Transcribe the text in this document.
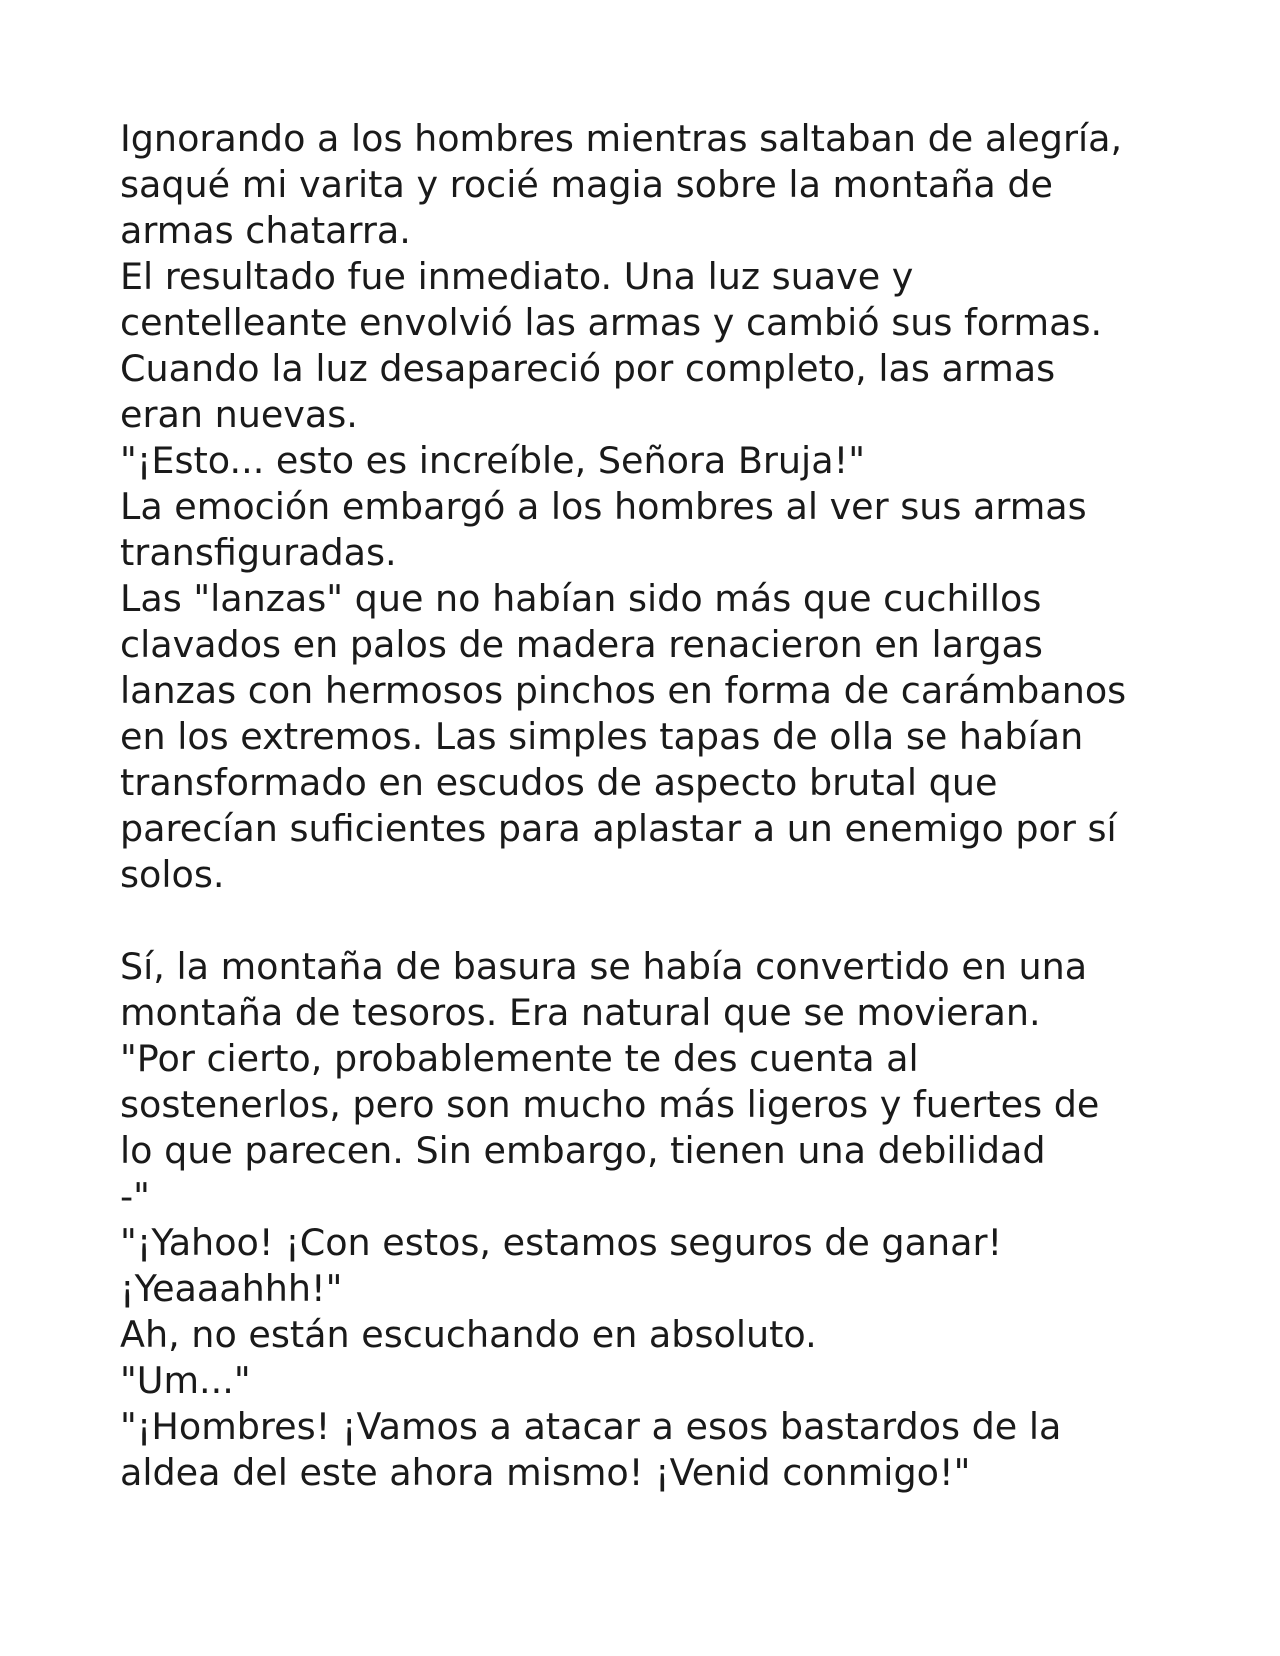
Ignorando a los hombres mientras saltaban de alegría,
saqué mi varita y rocié magia sobre la montaña de
armas chatarra.
El resultado fue inmediato. Una luz suave y
centelleante envolvió las armas y cambió sus formas.
Cuando la luz desapareció por completo, las armas
eran nuevas.
"¡Esto... esto es increíble, Señora Bruja!"
La emoción embargó a los hombres al ver sus armas
transfiguradas.
Las "lanzas" que no habían sido más que cuchillos
clavados en palos de madera renacieron en largas
lanzas con hermosos pinchos en forma de carámbanos
en los extremos. Las simples tapas de olla se habían
transformado en escudos de aspecto brutal que
parecían suficientes para aplastar a un enemigo por sí
solos.
Sí, la montaña de basura se había convertido en una
montaña de tesoros. Era natural que se movieran.
"Por cierto, probablemente te des cuenta al
sostenerlos, pero son mucho más ligeros y fuertes de
lo que parecen. Sin embargo, tienen una debilidad
-"
"¡Yahoo! ¡Con estos, estamos seguros de ganar!
¡Yeaaahhh!"
Ah, no están escuchando en absoluto.
"Um..."
"¡Hombres! ¡Vamos a atacar a esos bastardos de la
aldea del este ahora mismo! ¡Venid conmigo!"
